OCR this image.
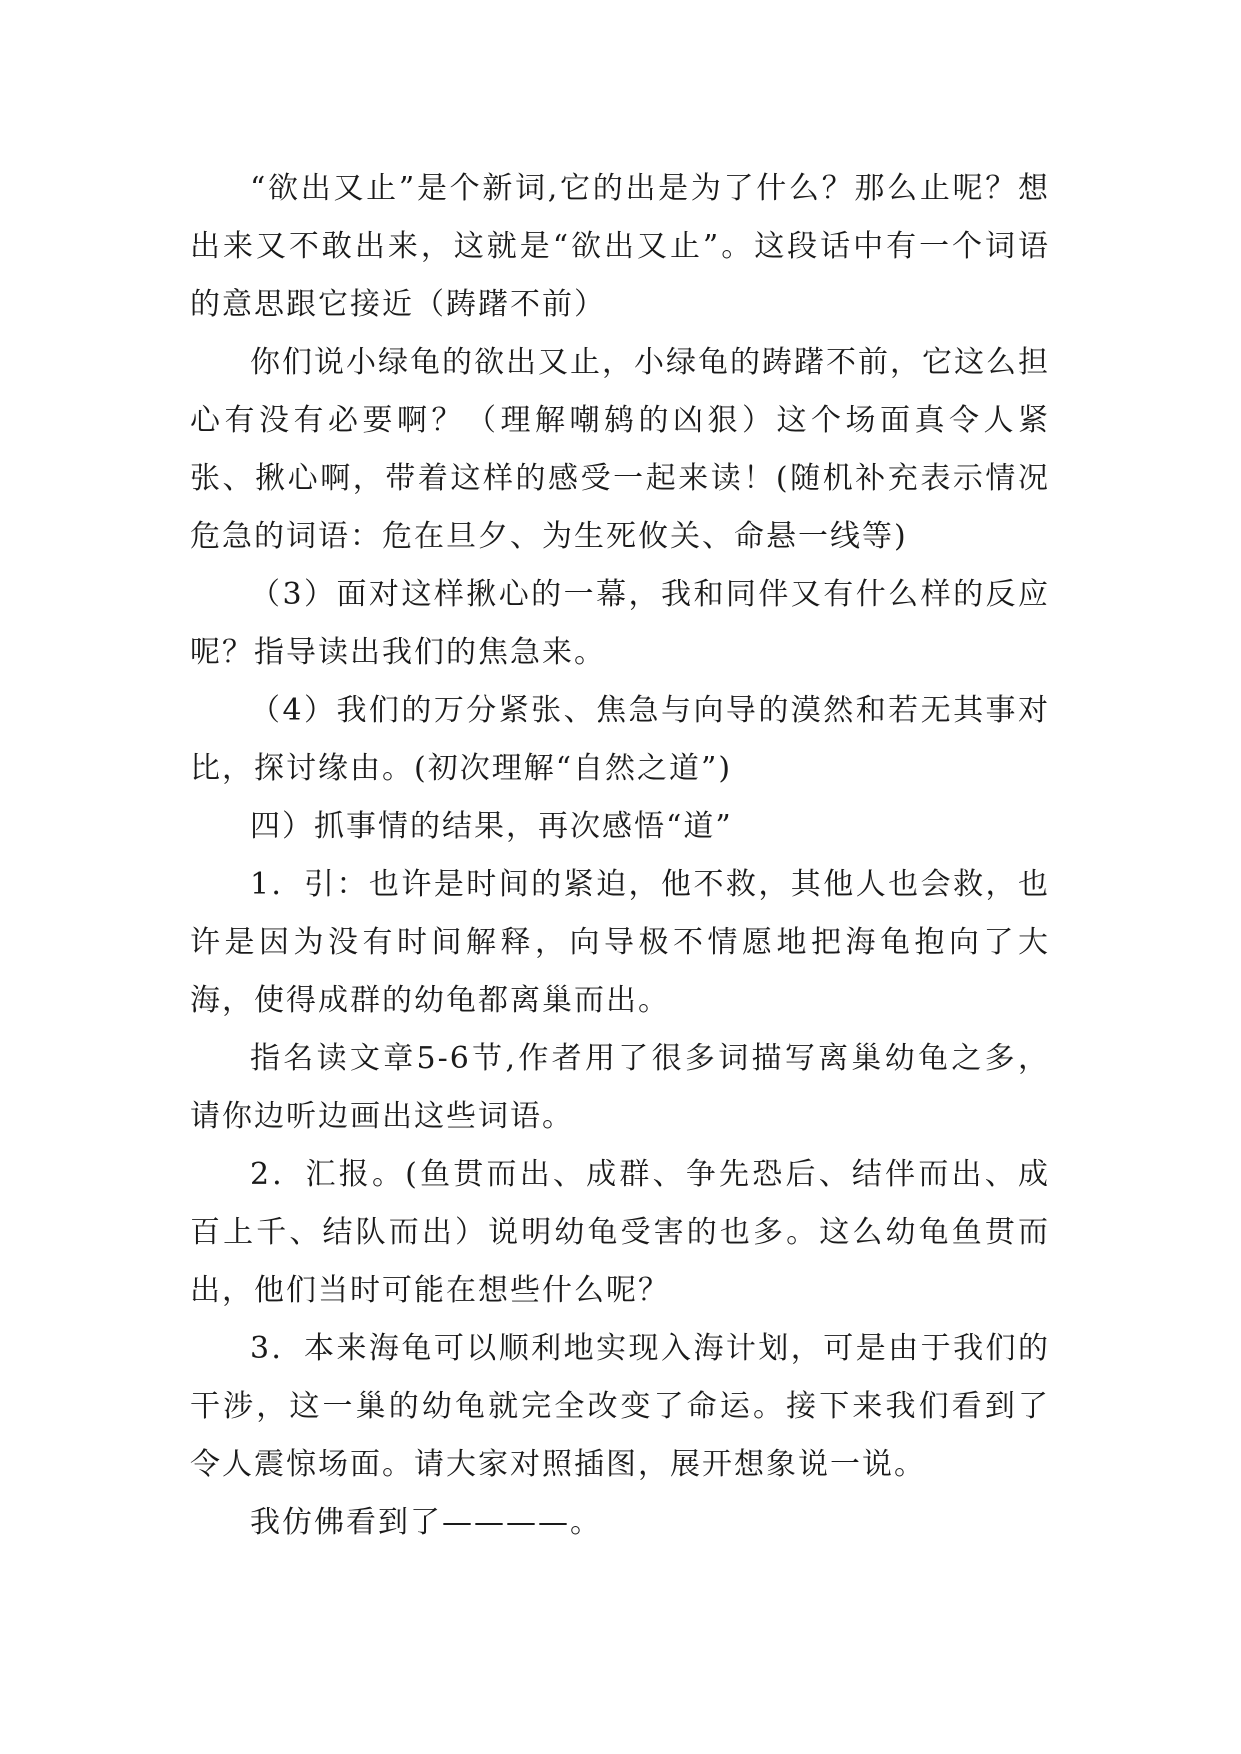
“欲出又止”是个新词,它的出是为了什么？那么止呢？想出来又不敢出来，这就是“欲出又止”。这段话中有一个词语的意思跟它接近（踌躇不前）

你们说小绿龟的欲出又止，小绿龟的踌躇不前，它这么担心有没有必要啊？（理解嘲鸫的凶狠）这个场面真令人紧张、揪心啊，带着这样的感受一起来读！(随机补充表示情况危急的词语：危在旦夕、为生死攸关、命悬一线等)

（3）面对这样揪心的一幕，我和同伴又有什么样的反应呢？指导读出我们的焦急来。

（4）我们的万分紧张、焦急与向导的漠然和若无其事对比，探讨缘由。(初次理解“自然之道”)

四）抓事情的结果，再次感悟“道”

1．引：也许是时间的紧迫，他不救，其他人也会救，也许是因为没有时间解释，向导极不情愿地把海龟抱向了大海，使得成群的幼龟都离巢而出。

指名读文章5-6节,作者用了很多词描写离巢幼龟之多，请你边听边画出这些词语。

2．汇报。(鱼贯而出、成群、争先恐后、结伴而出、成百上千、结队而出）说明幼龟受害的也多。这么幼龟鱼贯而出，他们当时可能在想些什么呢？

3．本来海龟可以顺利地实现入海计划，可是由于我们的干涉，这一巢的幼龟就完全改变了命运。接下来我们看到了令人震惊场面。请大家对照插图，展开想象说一说。

我仿佛看到了————。
